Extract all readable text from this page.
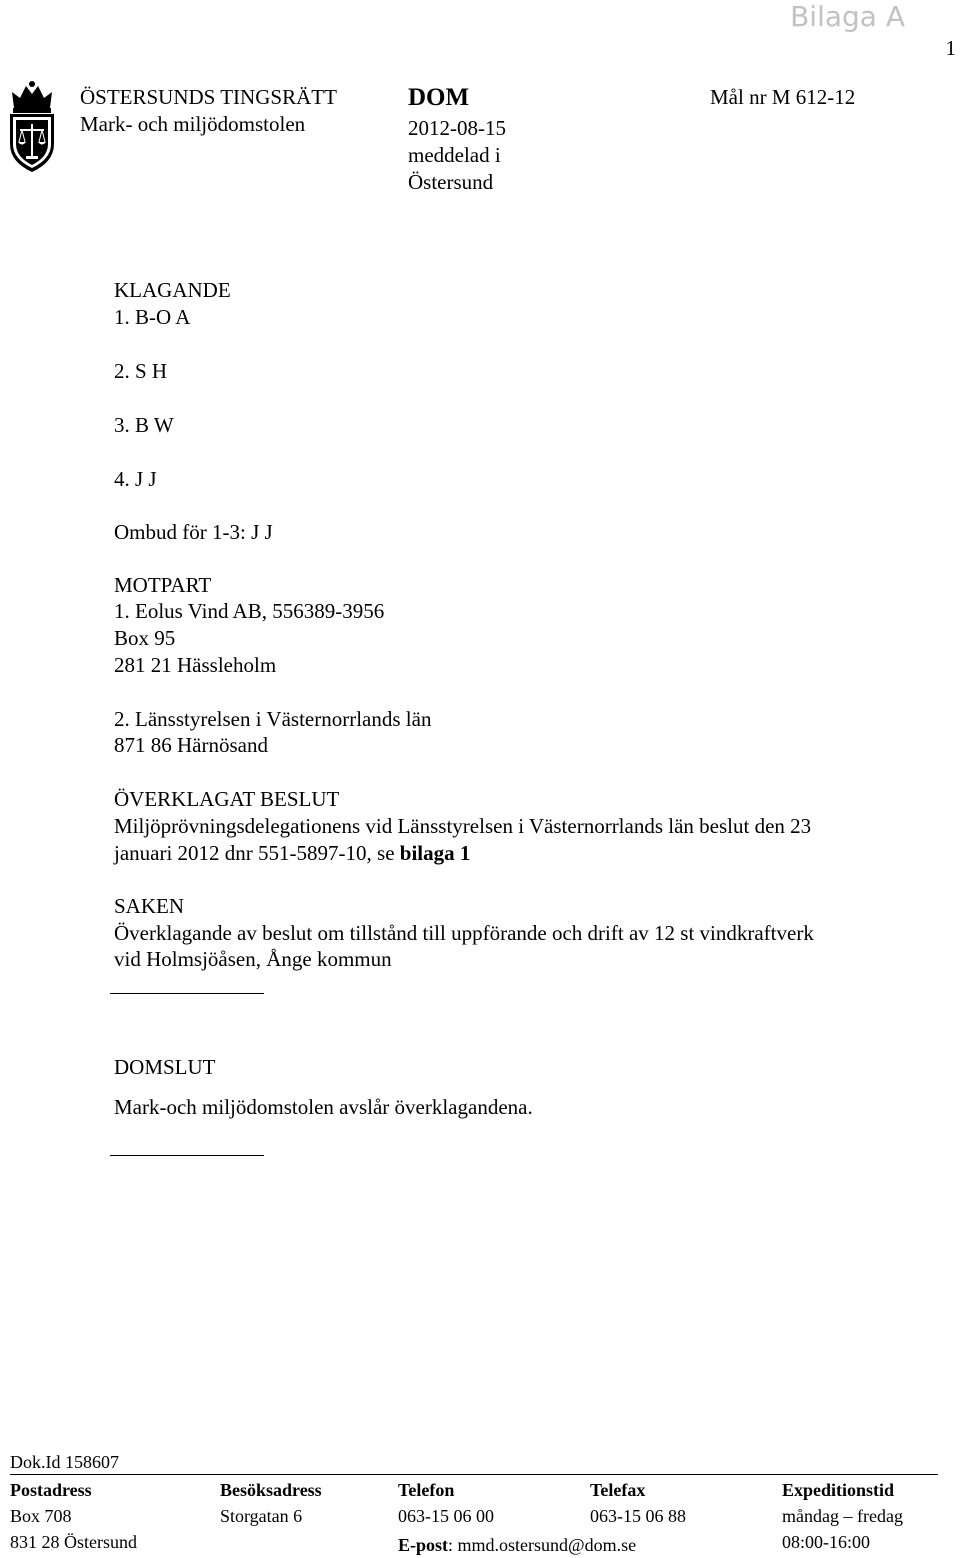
Bilaga A
1
ÖSTERSUNDS TINGSRÄTT
Mark- och miljödomstolen
DOM
2012-08-15
meddelad i
Östersund
Mål nr M 612-12
KLAGANDE
1. B-O A
2. S H
3. B W
4. J J
Ombud för 1-3: J J
MOTPART
1. Eolus Vind AB, 556389-3956
Box 95
281 21 Hässleholm
2. Länsstyrelsen i Västernorrlands län
871 86 Härnösand
ÖVERKLAGAT BESLUT
Miljöprövningsdelegationens vid Länsstyrelsen i Västernorrlands län beslut den 23
januari 2012 dnr 551-5897-10, se bilaga 1
SAKEN
Överklagande av beslut om tillstånd till uppförande och drift av 12 st vindkraftverk
vid Holmsjöåsen, Ånge kommun
DOMSLUT
Mark-och miljödomstolen avslår överklagandena.
Dok.Id 158607
Postadress
Box 708
831 28 Östersund
Besöksadress
Storgatan 6
Telefon
063-15 06 00
E-post: mmd.ostersund@dom.se
Telefax
063-15 06 88
Expeditionstid
måndag – fredag
08:00-16:00
